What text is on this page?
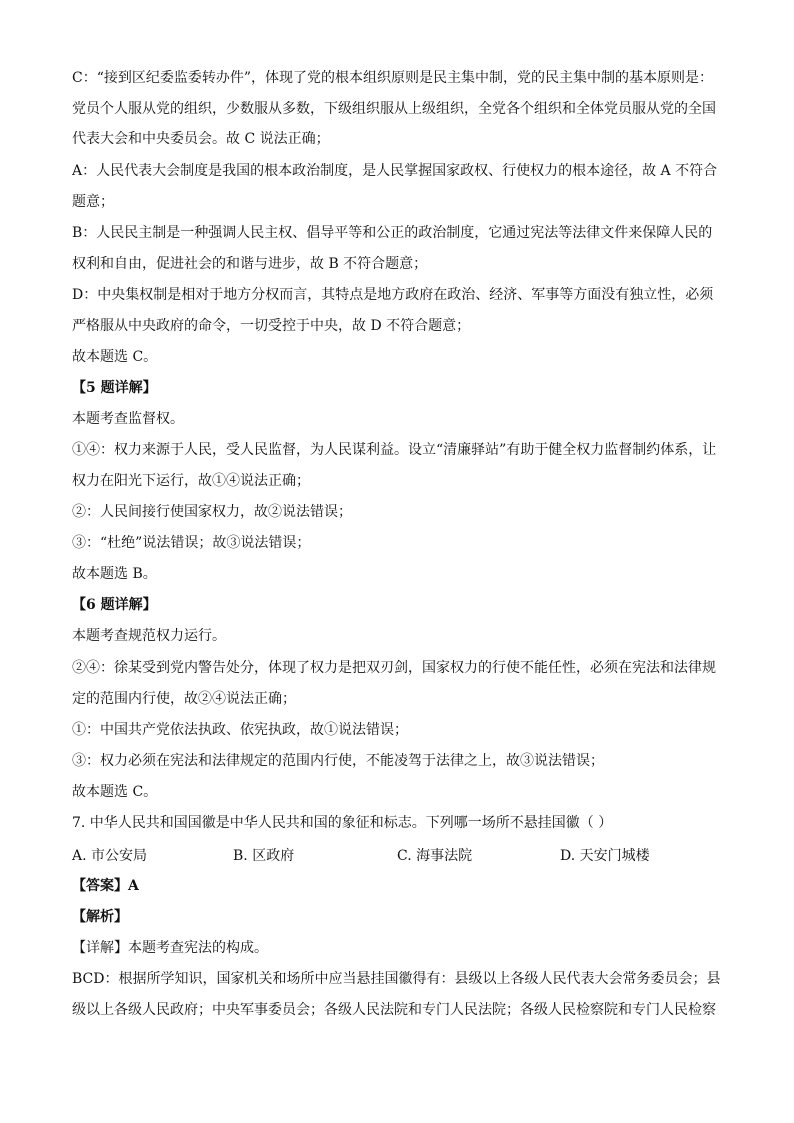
C：“接到区纪委监委转办件”，体现了党的根本组织原则是民主集中制，党的民主集中制的基本原则是：
党员个人服从党的组织，少数服从多数，下级组织服从上级组织，全党各个组织和全体党员服从党的全国
代表大会和中央委员会。故 C 说法正确；
A：人民代表大会制度是我国的根本政治制度，是人民掌握国家政权、行使权力的根本途径，故 A 不符合
题意；
B：人民民主制是一种强调人民主权、倡导平等和公正的政治制度，它通过宪法等法律文件来保障人民的
权利和自由，促进社会的和谐与进步，故 B 不符合题意；
D：中央集权制是相对于地方分权而言，其特点是地方政府在政治、经济、军事等方面没有独立性，必须
严格服从中央政府的命令，一切受控于中央，故 D 不符合题意；
故本题选 C。
【5 题详解】
本题考查监督权。
①④：权力来源于人民，受人民监督，为人民谋利益。设立“清廉驿站”有助于健全权力监督制约体系，让
权力在阳光下运行，故①④说法正确；
②：人民间接行使国家权力，故②说法错误；
③：“杜绝”说法错误；故③说法错误；
故本题选 B。
【6 题详解】
本题考查规范权力运行。
②④：徐某受到党内警告处分，体现了权力是把双刃剑，国家权力的行使不能任性，必须在宪法和法律规
定的范围内行使，故②④说法正确；
①：中国共产党依法执政、依宪执政，故①说法错误；
③：权力必须在宪法和法律规定的范围内行使，不能凌驾于法律之上，故③说法错误；
故本题选 C。
7. 中华人民共和国国徽是中华人民共和国的象征和标志。下列哪一场所不悬挂国徽（ ）
A. 市公安局	B. 区政府	C. 海事法院	D. 天安门城楼
【答案】A
【解析】
【详解】本题考查宪法的构成。
BCD：根据所学知识，国家机关和场所中应当悬挂国徽得有：县级以上各级人民代表大会常务委员会；县
级以上各级人民政府；中央军事委员会；各级人民法院和专门人民法院；各级人民检察院和专门人民检察
